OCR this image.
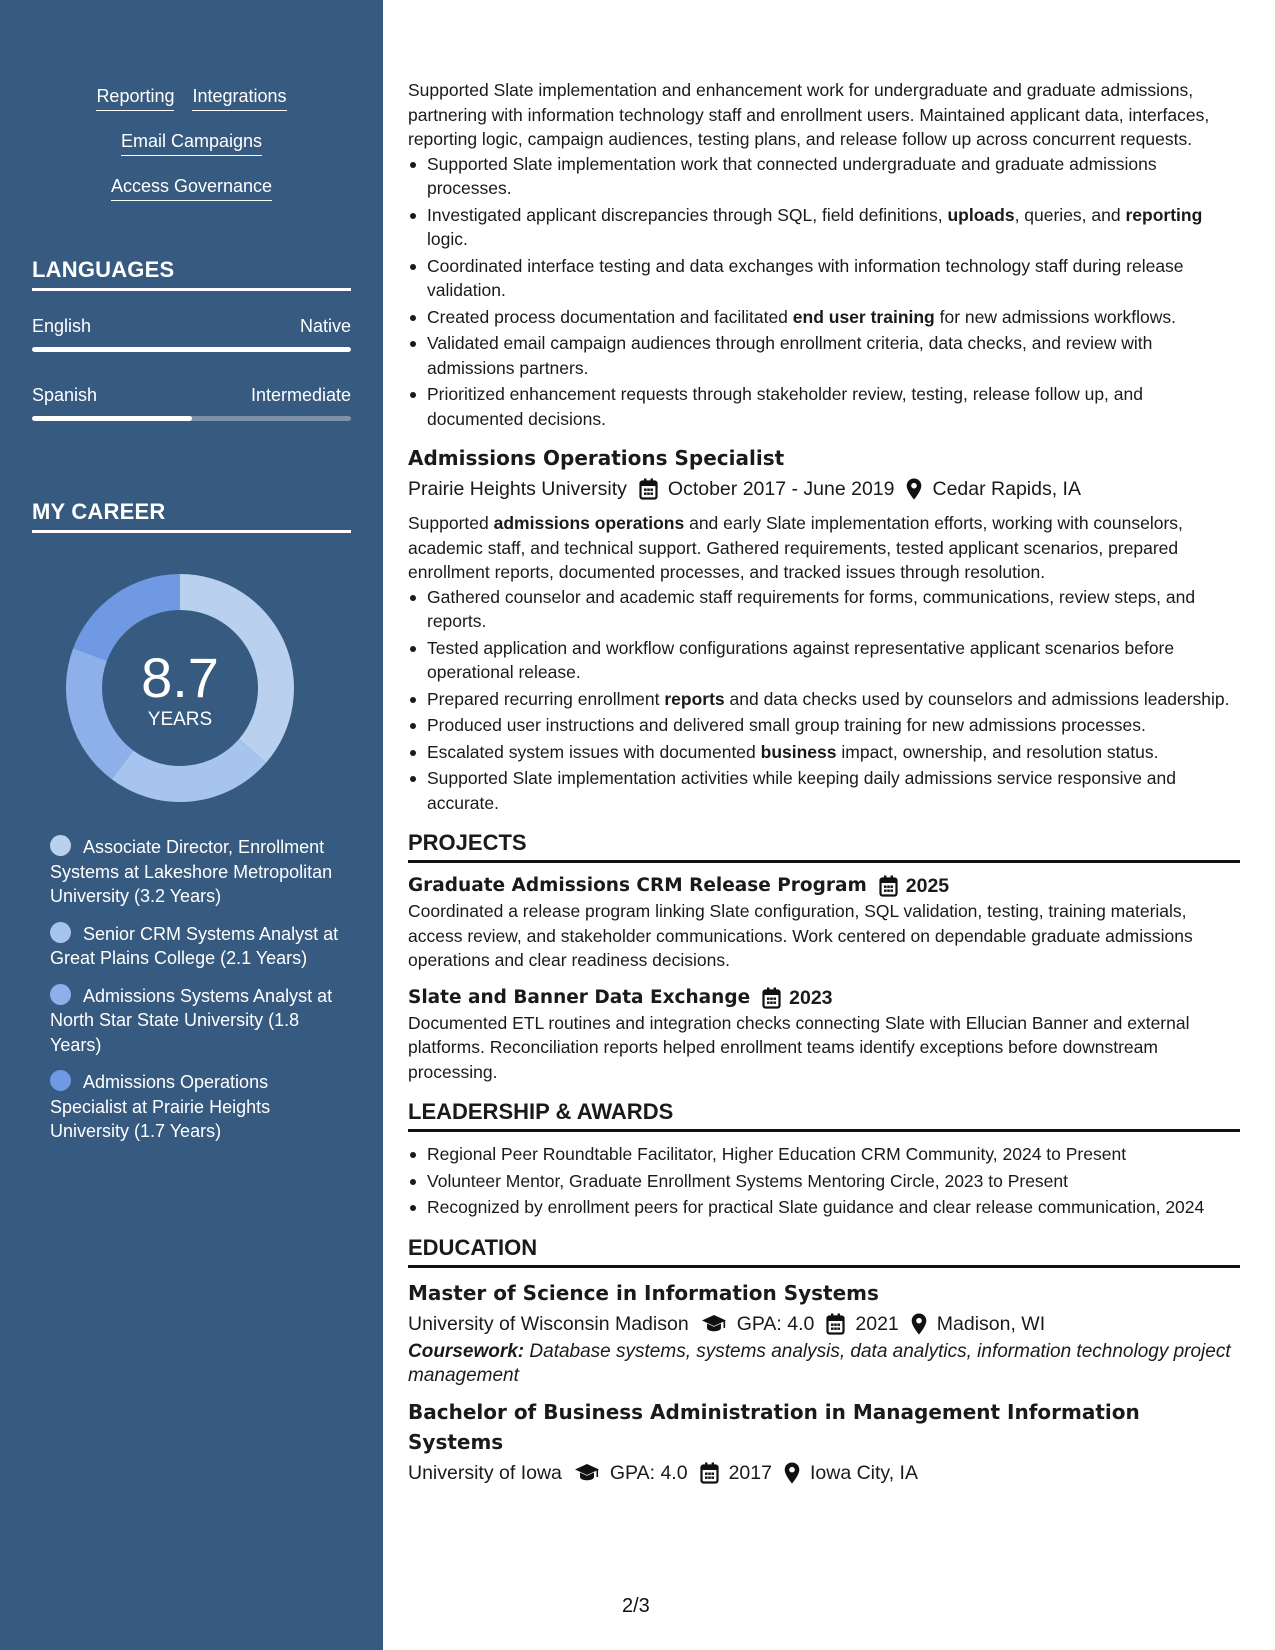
Reporting Integrations
Email Campaigns
Access Governance
LANGUAGES
English	Native
Spanish	Intermediate
MY CAREER
8.7
YEARS
Associate Director, Enrollment Systems at Lakeshore Metropolitan University (3.2 Years)
Senior CRM Systems Analyst at Great Plains College (2.1 Years)
Admissions Systems Analyst at North Star State University (1.8 Years)
Admissions Operations Specialist at Prairie Heights University (1.7 Years)

Supported Slate implementation and enhancement work for undergraduate and graduate admissions, partnering with information technology staff and enrollment users. Maintained applicant data, interfaces, reporting logic, campaign audiences, testing plans, and release follow up across concurrent requests.

Supported Slate implementation work that connected undergraduate and graduate admissions processes.
Investigated applicant discrepancies through SQL, field definitions, uploads, queries, and reporting logic.
Coordinated interface testing and data exchanges with information technology staff during release validation.
Created process documentation and facilitated end user training for new admissions workflows.
Validated email campaign audiences through enrollment criteria, data checks, and review with admissions partners.
Prioritized enhancement requests through stakeholder review, testing, release follow up, and documented decisions.
Admissions Operations Specialist
Prairie Heights University October 2017 - June 2019 Cedar Rapids, IA

Supported admissions operations and early Slate implementation efforts, working with counselors, academic staff, and technical support. Gathered requirements, tested applicant scenarios, prepared enrollment reports, documented processes, and tracked issues through resolution.

Gathered counselor and academic staff requirements for forms, communications, review steps, and reports.
Tested application and workflow configurations against representative applicant scenarios before operational release.
Prepared recurring enrollment reports and data checks used by counselors and admissions leadership.
Produced user instructions and delivered small group training for new admissions processes.
Escalated system issues with documented business impact, ownership, and resolution status.
Supported Slate implementation activities while keeping daily admissions service responsive and accurate.
PROJECTS
Graduate Admissions CRM Release Program 2025

Coordinated a release program linking Slate configuration, SQL validation, testing, training materials, access review, and stakeholder communications. Work centered on dependable graduate admissions operations and clear readiness decisions.

Slate and Banner Data Exchange 2023

Documented ETL routines and integration checks connecting Slate with Ellucian Banner and external platforms. Reconciliation reports helped enrollment teams identify exceptions before downstream processing.

LEADERSHIP & AWARDS
Regional Peer Roundtable Facilitator, Higher Education CRM Community, 2024 to Present
Volunteer Mentor, Graduate Enrollment Systems Mentoring Circle, 2023 to Present
Recognized by enrollment peers for practical Slate guidance and clear release communication, 2024
EDUCATION
Master of Science in Information Systems
University of Wisconsin Madison GPA: 4.0 2021 Madison, WI

Coursework: Database systems, systems analysis, data analytics, information technology project management

Bachelor of Business Administration in Management Information Systems
University of Iowa GPA: 4.0 2017 Iowa City, IA
2/3
